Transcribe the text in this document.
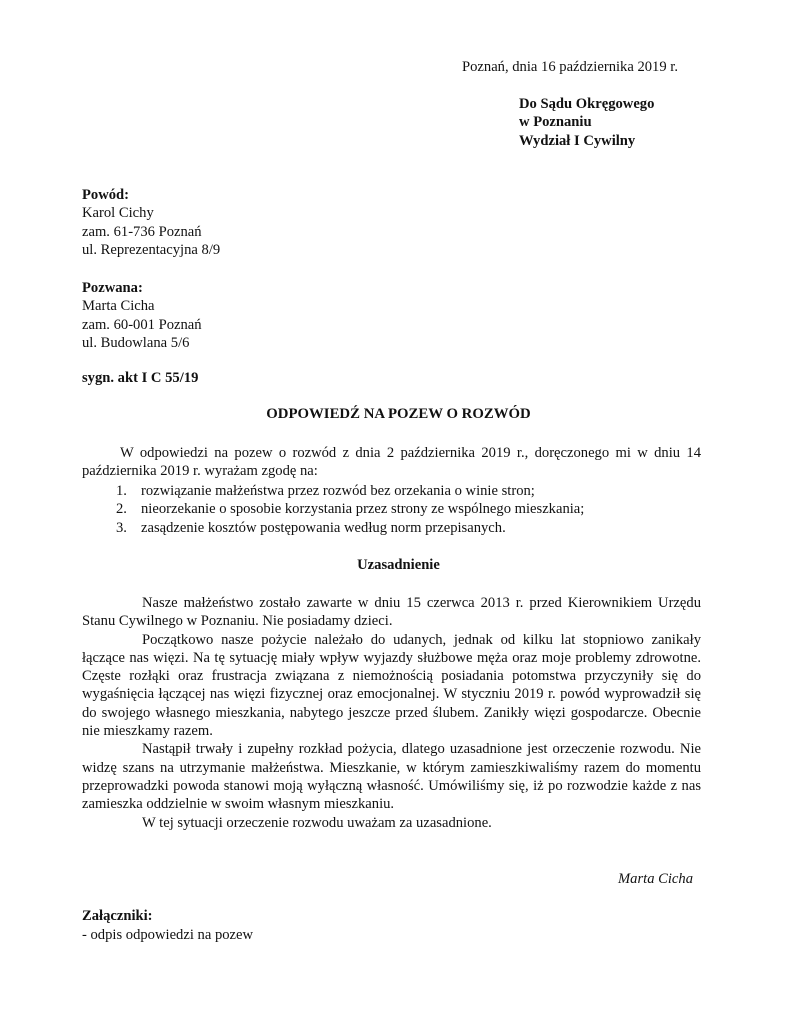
Poznań, dnia 16 października 2019 r.
Do Sądu Okręgowego
w Poznaniu
Wydział I Cywilny
Powód:
Karol Cichy
zam. 61-736 Poznań
ul. Reprezentacyjna 8/9
Pozwana:
Marta Cicha
zam. 60-001 Poznań
ul. Budowlana 5/6
sygn. akt I C 55/19
ODPOWIEDŹ NA POZEW O ROZWÓD
W odpowiedzi na pozew o rozwód z dnia 2 października 2019 r., doręczonego mi w dniu 14 października 2019 r. wyrażam zgodę na:
1. rozwiązanie małżeństwa przez rozwód bez orzekania o winie stron;
2. nieorzekanie o sposobie korzystania przez strony ze wspólnego mieszkania;
3. zasądzenie kosztów postępowania według norm przepisanych.
Uzasadnienie

Nasze małżeństwo zostało zawarte w dniu 15 czerwca 2013 r. przed Kierownikiem Urzędu Stanu Cywilnego w Poznaniu. Nie posiadamy dzieci.

Początkowo nasze pożycie należało do udanych, jednak od kilku lat stopniowo zanikały łączące nas więzi. Na tę sytuację miały wpływ wyjazdy służbowe męża oraz moje problemy zdrowotne. Częste rozłąki oraz frustracja związana z niemożnością posiadania potomstwa przyczyniły się do wygaśnięcia łączącej nas więzi fizycznej oraz emocjonalnej. W styczniu 2019 r. powód wyprowadził się do swojego własnego mieszkania, nabytego jeszcze przed ślubem. Zanikły więzi gospodarcze. Obecnie nie mieszkamy razem.

Nastąpił trwały i zupełny rozkład pożycia, dlatego uzasadnione jest orzeczenie rozwodu. Nie widzę szans na utrzymanie małżeństwa. Mieszkanie, w którym zamieszkiwaliśmy razem do momentu przeprowadzki powoda stanowi moją wyłączną własność. Umówiliśmy się, iż po rozwodzie każde z nas zamieszka oddzielnie w swoim własnym mieszkaniu.

W tej sytuacji orzeczenie rozwodu uważam za uzasadnione.

Marta Cicha
Załączniki:
- odpis odpowiedzi na pozew
